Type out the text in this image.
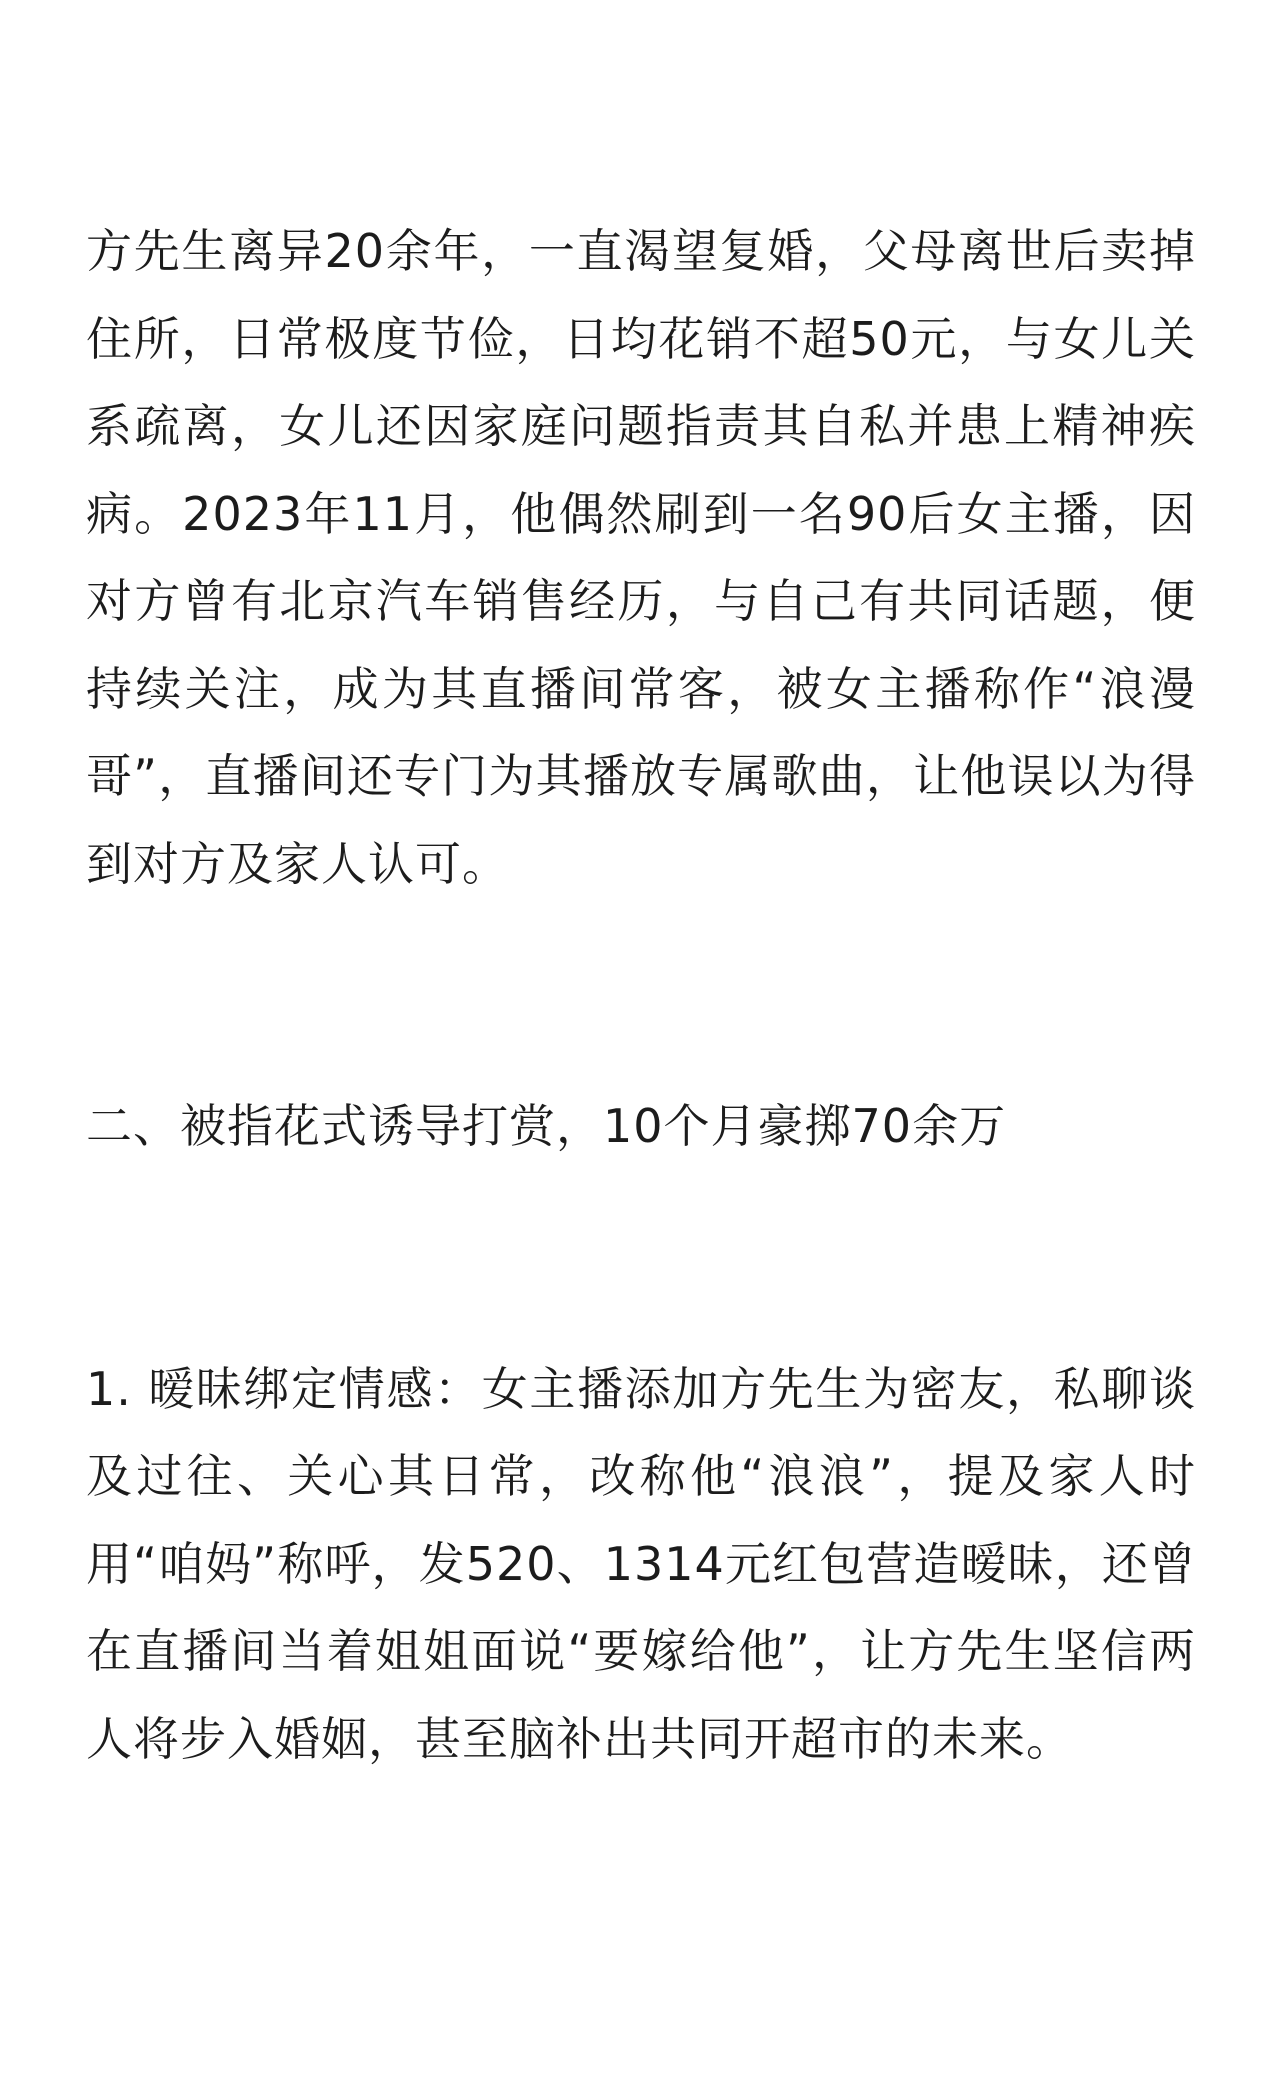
方先生离异20余年，一直渴望复婚，父母离世后卖掉住所，日常极度节俭，日均花销不超50元，与女儿关系疏离，女儿还因家庭问题指责其自私并患上精神疾病。2023年11月，他偶然刷到一名90后女主播，因对方曾有北京汽车销售经历，与自己有共同话题，便持续关注，成为其直播间常客，被女主播称作“浪漫哥”，直播间还专门为其播放专属歌曲，让他误以为得到对方及家人认可。

二、被指花式诱导打赏，10个月豪掷70余万

1. 暧昧绑定情感：女主播添加方先生为密友，私聊谈及过往、关心其日常，改称他“浪浪”，提及家人时用“咱妈”称呼，发520、1314元红包营造暧昧，还曾在直播间当着姐姐面说“要嫁给他”，让方先生坚信两人将步入婚姻，甚至脑补出共同开超市的未来。
